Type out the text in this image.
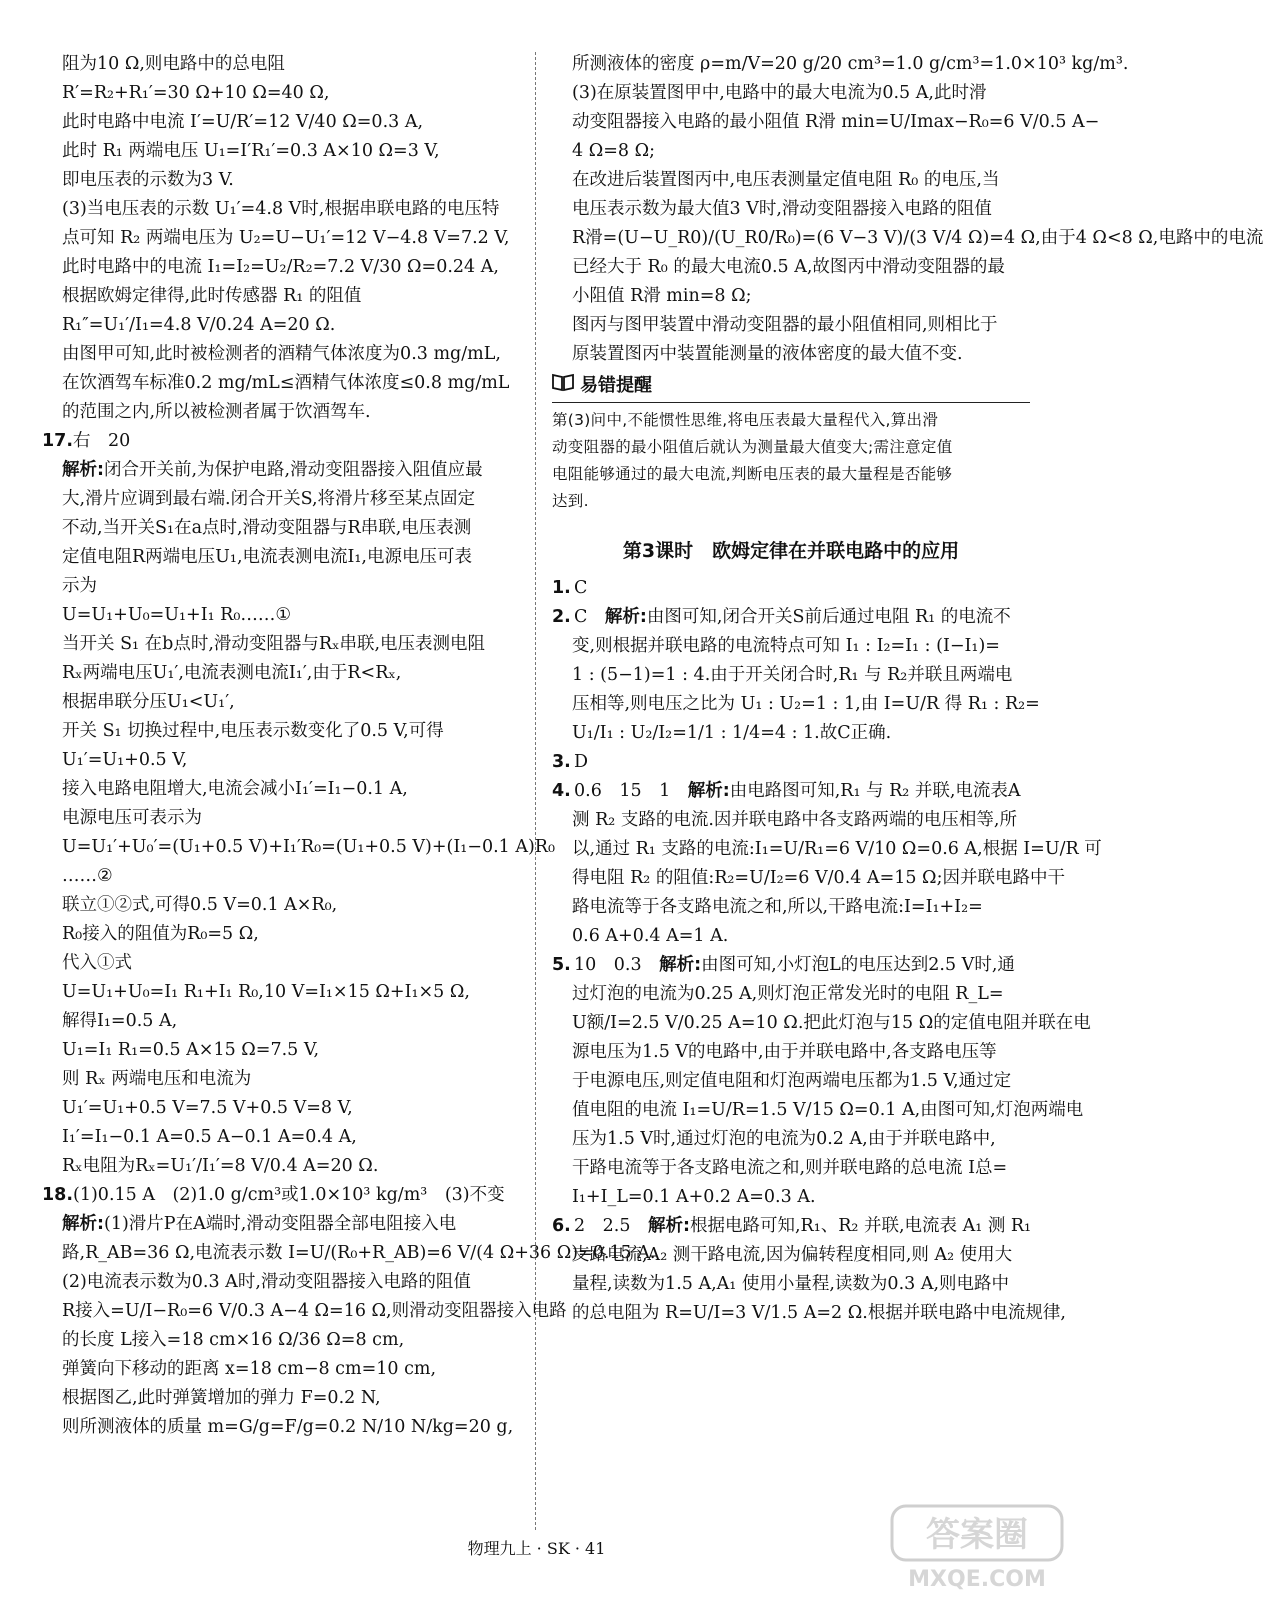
阻为10 Ω,则电路中的总电阻
R′=R₂+R₁′=30 Ω+10 Ω=40 Ω,
此时电路中电流 I′=U/R′=12 V/40 Ω=0.3 A,
此时 R₁ 两端电压 U₁=I′R₁′=0.3 A×10 Ω=3 V,
即电压表的示数为3 V.
(3)当电压表的示数 U₁′=4.8 V时,根据串联电路的电压特
点可知 R₂ 两端电压为 U₂=U−U₁′=12 V−4.8 V=7.2 V,
此时电路中的电流 I₁=I₂=U₂/R₂=7.2 V/30 Ω=0.24 A,
根据欧姆定律得,此时传感器 R₁ 的阻值
R₁″=U₁′/I₁=4.8 V/0.24 A=20 Ω.
由图甲可知,此时被检测者的酒精气体浓度为0.3 mg/mL,
在饮酒驾车标准0.2 mg/mL≤酒精气体浓度≤0.8 mg/mL
的范围之内,所以被检测者属于饮酒驾车.
17.右　20
解析:闭合开关前,为保护电路,滑动变阻器接入阻值应最
大,滑片应调到最右端.闭合开关S,将滑片移至某点固定
不动,当开关S₁在a点时,滑动变阻器与R串联,电压表测
定值电阻R两端电压U₁,电流表测电流I₁,电源电压可表
示为
U=U₁+U₀=U₁+I₁ R₀……①
当开关 S₁ 在b点时,滑动变阻器与Rₓ串联,电压表测电阻
Rₓ两端电压U₁′,电流表测电流I₁′,由于R<Rₓ,
根据串联分压U₁<U₁′,
开关 S₁ 切换过程中,电压表示数变化了0.5 V,可得
U₁′=U₁+0.5 V,
接入电路电阻增大,电流会减小I₁′=I₁−0.1 A,
电源电压可表示为
U=U₁′+U₀′=(U₁+0.5 V)+I₁′R₀=(U₁+0.5 V)+(I₁−0.1 A)R₀
……②
联立①②式,可得0.5 V=0.1 A×R₀,
R₀接入的阻值为R₀=5 Ω,
代入①式
U=U₁+U₀=I₁ R₁+I₁ R₀,10 V=I₁×15 Ω+I₁×5 Ω,
解得I₁=0.5 A,
U₁=I₁ R₁=0.5 A×15 Ω=7.5 V,
则 Rₓ 两端电压和电流为
U₁′=U₁+0.5 V=7.5 V+0.5 V=8 V,
I₁′=I₁−0.1 A=0.5 A−0.1 A=0.4 A,
Rₓ电阻为Rₓ=U₁′/I₁′=8 V/0.4 A=20 Ω.
18.(1)0.15 A　(2)1.0 g/cm³或1.0×10³ kg/m³　(3)不变
解析:(1)滑片P在A端时,滑动变阻器全部电阻接入电
路,R_AB=36 Ω,电流表示数 I=U/(R₀+R_AB)=6 V/(4 Ω+36 Ω)=0.15 A.
(2)电流表示数为0.3 A时,滑动变阻器接入电路的阻值
R接入=U/I−R₀=6 V/0.3 A−4 Ω=16 Ω,则滑动变阻器接入电路
的长度 L接入=18 cm×16 Ω/36 Ω=8 cm,
弹簧向下移动的距离 x=18 cm−8 cm=10 cm,
根据图乙,此时弹簧增加的弹力 F=0.2 N,
则所测液体的质量 m=G/g=F/g=0.2 N/10 N/kg=20 g,
所测液体的密度 ρ=m/V=20 g/20 cm³=1.0 g/cm³=1.0×10³ kg/m³.
(3)在原装置图甲中,电路中的最大电流为0.5 A,此时滑
动变阻器接入电路的最小阻值 R滑 min=U/Imax−R₀=6 V/0.5 A−
4 Ω=8 Ω;
在改进后装置图丙中,电压表测量定值电阻 R₀ 的电压,当
电压表示数为最大值3 V时,滑动变阻器接入电路的阻值
R滑=(U−U_R0)/(U_R0/R₀)=(6 V−3 V)/(3 V/4 Ω)=4 Ω,由于4 Ω<8 Ω,电路中的电流
已经大于 R₀ 的最大电流0.5 A,故图丙中滑动变阻器的最
小阻值 R滑 min=8 Ω;
图丙与图甲装置中滑动变阻器的最小阻值相同,则相比于
原装置图丙中装置能测量的液体密度的最大值不变.
易错提醒
第(3)问中,不能惯性思维,将电压表最大量程代入,算出滑
动变阻器的最小阻值后就认为测量最大值变大;需注意定值
电阻能够通过的最大电流,判断电压表的最大量程是否能够
达到.
第3课时　欧姆定律在并联电路中的应用
1. C
2. C　解析:由图可知,闭合开关S前后通过电阻 R₁ 的电流不
变,则根据并联电路的电流特点可知 I₁ : I₂=I₁ : (I−I₁)=
1 : (5−1)=1 : 4.由于开关闭合时,R₁ 与 R₂并联且两端电
压相等,则电压之比为 U₁ : U₂=1 : 1,由 I=U/R 得 R₁ : R₂=
U₁/I₁ : U₂/I₂=1/1 : 1/4=4 : 1.故C正确.
3. D
4. 0.6　15　1　解析:由电路图可知,R₁ 与 R₂ 并联,电流表A
测 R₂ 支路的电流.因并联电路中各支路两端的电压相等,所
以,通过 R₁ 支路的电流:I₁=U/R₁=6 V/10 Ω=0.6 A,根据 I=U/R 可
得电阻 R₂ 的阻值:R₂=U/I₂=6 V/0.4 A=15 Ω;因并联电路中干
路电流等于各支路电流之和,所以,干路电流:I=I₁+I₂=
0.6 A+0.4 A=1 A.
5. 10　0.3　解析:由图可知,小灯泡L的电压达到2.5 V时,通
过灯泡的电流为0.25 A,则灯泡正常发光时的电阻 R_L=
U额/I=2.5 V/0.25 A=10 Ω.把此灯泡与15 Ω的定值电阻并联在电
源电压为1.5 V的电路中,由于并联电路中,各支路电压等
于电源电压,则定值电阻和灯泡两端电压都为1.5 V,通过定
值电阻的电流 I₁=U/R=1.5 V/15 Ω=0.1 A,由图可知,灯泡两端电
压为1.5 V时,通过灯泡的电流为0.2 A,由于并联电路中,
干路电流等于各支路电流之和,则并联电路的总电流 I总=
I₁+I_L=0.1 A+0.2 A=0.3 A.
6. 2　2.5　解析:根据电路可知,R₁、R₂ 并联,电流表 A₁ 测 R₁
支路电流,A₂ 测干路电流,因为偏转程度相同,则 A₂ 使用大
量程,读数为1.5 A,A₁ 使用小量程,读数为0.3 A,则电路中
的总电阻为 R=U/I=3 V/1.5 A=2 Ω.根据并联电路中电流规律,
物理九上 · SK · 41	答案圈
MXQE.COM
